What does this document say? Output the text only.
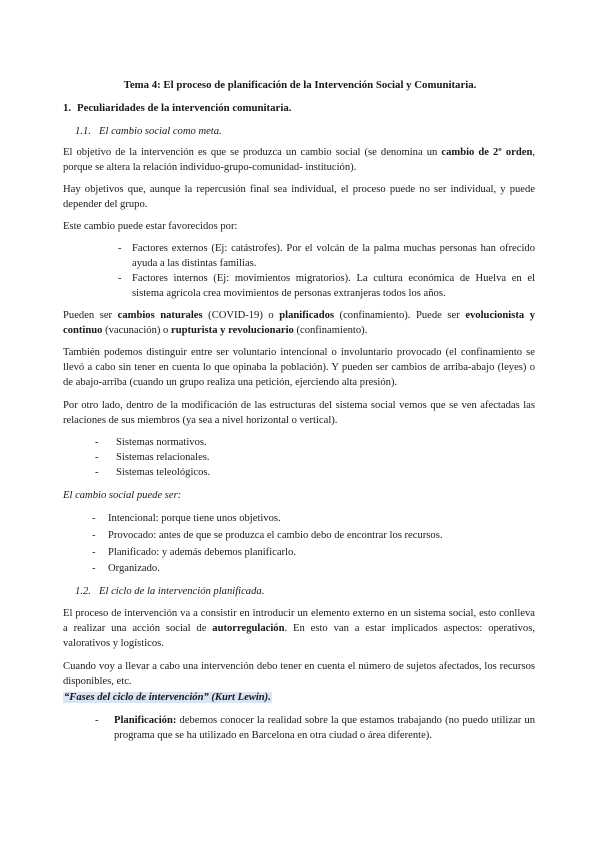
Tema 4: El proceso de planificación de la Intervención Social y Comunitaria.
1. Peculiaridades de la intervención comunitaria.
1.1. El cambio social como meta.

El objetivo de la intervención es que se produzca un cambio social (se denomina un cambio de 2º orden, porque se altera la relación individuo-grupo-comunidad- institución).

Hay objetivos que, aunque la repercusión final sea individual, el proceso puede no ser individual, y puede depender del grupo.

Este cambio puede estar favorecidos por:

- Factores externos (Ej: catástrofes). Por el volcán de la palma muchas personas han ofrecido ayuda a las distintas familias.
- Factores internos (Ej: movimientos migratorios). La cultura económica de Huelva en el sistema agrícola crea movimientos de personas extranjeras todos los años.

Pueden ser cambios naturales (COVID-19) o planificados (confinamiento). Puede ser evolucionista y continuo (vacunación) o rupturista y revolucionario (confinamiento).

También podemos distinguir entre ser voluntario intencional o involuntario provocado (el confinamiento se llevó a cabo sin tener en cuenta lo que opinaba la población). Y pueden ser cambios de arriba-abajo (leyes) o de abajo-arriba (cuando un grupo realiza una petición, ejerciendo alta presión).

Por otro lado, dentro de la modificación de las estructuras del sistema social vemos que se ven afectadas las relaciones de sus miembros (ya sea a nivel horizontal o vertical).

-	Sistemas normativos.
-	Sistemas relacionales.
-	Sistemas teleológicos.

El cambio social puede ser:

-	Intencional: porque tiene unos objetivos.
-	Provocado: antes de que se produzca el cambio debo de encontrar los recursos.
-	Planificado: y además debemos planificarlo.
-	Organizado.
1.2. El ciclo de la intervención planificada.

El proceso de intervención va a consistir en introducir un elemento externo en un sistema social, esto conlleva a realizar una acción social de autorregulación. En esto van a estar implicados aspectos: operativos, valorativos y logísticos.

Cuando voy a llevar a cabo una intervención debo tener en cuenta el número de sujetos afectados, los recursos disponibles, etc.

“Fases del ciclo de intervención” (Kurt Lewin).
-	Planificación: debemos conocer la realidad sobre la que estamos trabajando (no puedo utilizar un programa que se ha utilizado en Barcelona en otra ciudad o área diferente).
